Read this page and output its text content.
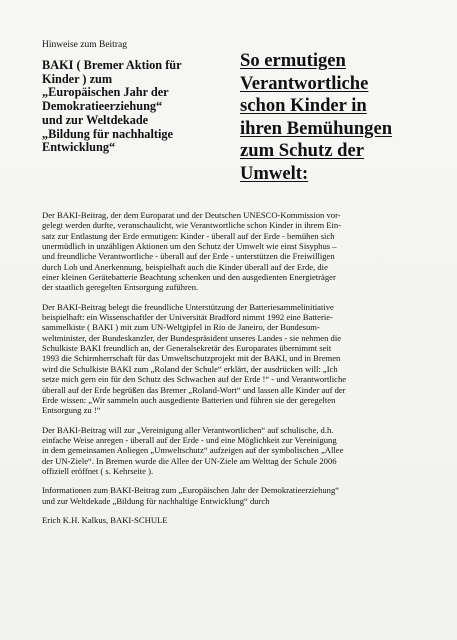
Hinweise zum Beitrag
BAKI ( Bremer Aktion für
Kinder ) zum
„Europäischen Jahr der
Demokratieerziehung“
und zur Weltdekade
„Bildung für nachhaltige
Entwicklung“
So ermutigen
Verantwortliche
schon Kinder in
ihren Bemühungen
zum Schutz der
Umwelt:

Der BAKI-Beitrag, der dem Europarat und der Deutschen UNESCO-Kommission vor-
gelegt werden durfte, veranschaulicht, wie Verantwortliche schon Kinder in ihrem Ein-
satz zur Entlastung der Erde ermutigen: Kinder - überall auf der Erde - bemühen sich
unermüdlich in unzähligen Aktionen um den Schutz der Umwelt wie einst Sisyphus –
und freundliche Verantwortliche - überall auf der Erde - unterstützen die Freiwilligen
durch Lob und Anerkennung, beispielhaft auch die Kinder überall auf der Erde, die
einer kleinen Gerätebatterie Beachtung schenken und den ausgedienten Energieträger
der staatlich geregelten Entsorgung zuführen.

Der BAKI-Beitrag belegt die freundliche Unterstützung der Batteriesammelinitiative
beispielhaft: ein Wissenschaftler der Universität Bradford nimmt 1992 eine Batterie-
sammelkiste ( BAKI ) mit zum UN-Weltgipfel in Rio de Janeiro, der Bundesum-
weltminister, der Bundeskanzler, der Bundespräsident unseres Landes - sie nehmen die
Schulkiste BAKI freundlich an, der Generalsekretär des Europarates übernimmt seit
1993 die Schirmherrschaft für das Umweltschutzprojekt mit der BAKI, und in Bremen
wird die Schulkiste BAKI zum „Roland der Schule“ erklärt, der ausdrücken will: „Ich
setze mich gern ein für den Schutz des Schwachen auf der Erde !“ - und Verantwortliche
überall auf der Erde begrüßen das Bremer „Roland-Wort“ und lassen alle Kinder auf der
Erde wissen: „Wir sammeln auch ausgediente Batterien und führen sie der geregelten
Entsorgung zu !“

Der BAKI-Beitrag will zur „Vereinigung aller Verantwortlichen“ auf schulische, d.h.
einfache Weise anregen - überall auf der Erde - und eine Möglichkeit zur Vereinigung
in dem gemeinsamen Anliegen „Umweltschutz“ aufzeigen auf der symbolischen „Allee
der UN-Ziele“. In Bremen wurde die Allee der UN-Ziele am Welttag der Schule 2006
offiziell eröffnet ( s. Kehrseite ).

Informationen zum BAKI-Beitrag zum „Europäischen Jahr der Demokratieerziehung“
und zur Weltdekade „Bildung für nachhaltige Entwicklung“ durch

Erich K.H. Kalkus, BAKI-SCHULE
